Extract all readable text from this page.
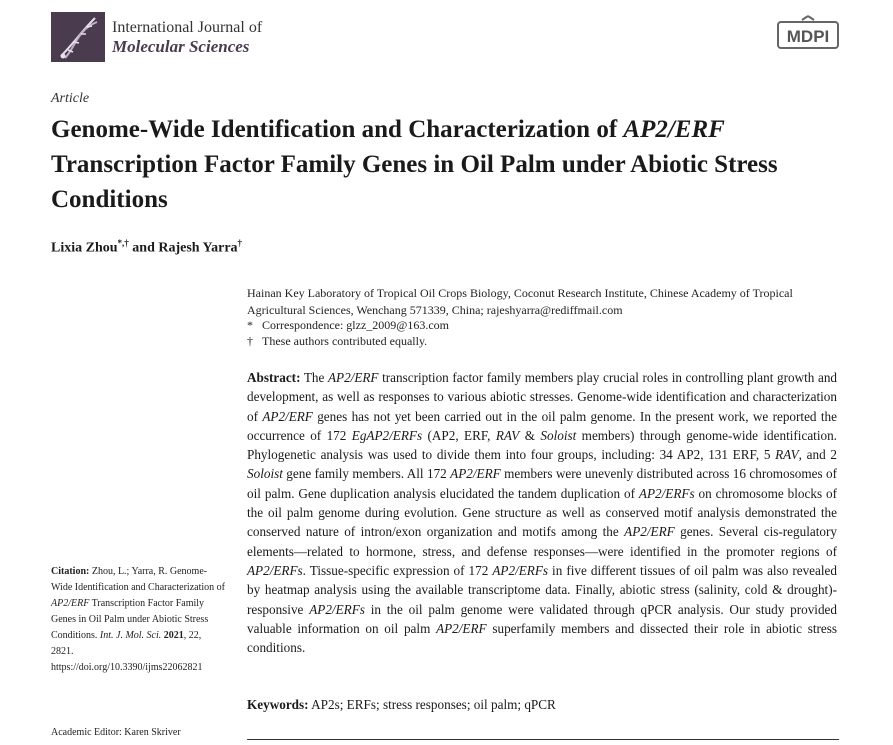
International Journal of
Molecular Sciences
MDPI
Article
Genome-Wide Identification and Characterization of AP2/ERF Transcription Factor Family Genes in Oil Palm under Abiotic Stress Conditions
Lixia Zhou*,† and Rajesh Yarra†
Hainan Key Laboratory of Tropical Oil Crops Biology, Coconut Research Institute, Chinese Academy of Tropical Agricultural Sciences, Wenchang 571339, China; rajeshyarra@rediffmail.com
* Correspondence: glzz_2009@163.com
† These authors contributed equally.

Abstract: The AP2/ERF transcription factor family members play crucial roles in controlling plant growth and development, as well as responses to various abiotic stresses. Genome-wide identification and characterization of AP2/ERF genes has not yet been carried out in the oil palm genome. In the present work, we reported the occurrence of 172 EgAP2/ERFs (AP2, ERF, RAV & Soloist members) through genome-wide identification. Phylogenetic analysis was used to divide them into four groups, including: 34 AP2, 131 ERF, 5 RAV, and 2 Soloist gene family members. All 172 AP2/ERF members were unevenly distributed across 16 chromosomes of oil palm. Gene duplication analysis elucidated the tandem duplication of AP2/ERFs on chromosome blocks of the oil palm genome during evolution. Gene structure as well as conserved motif analysis demonstrated the conserved nature of intron/exon organization and motifs among the AP2/ERF genes. Several cis-regulatory elements—related to hormone, stress, and defense responses—were identified in the promoter regions of AP2/ERFs. Tissue-specific expression of 172 AP2/ERFs in five different tissues of oil palm was also revealed by heatmap analysis using the available transcriptome data. Finally, abiotic stress (salinity, cold & drought)-responsive AP2/ERFs in the oil palm genome were validated through qPCR analysis. Our study provided valuable information on oil palm AP2/ERF superfamily members and dissected their role in abiotic stress conditions.

Keywords: AP2s; ERFs; stress responses; oil palm; qPCR
Citation: Zhou, L.; Yarra, R. Genome-Wide Identification and Characterization of AP2/ERF Transcription Factor Family Genes in Oil Palm under Abiotic Stress Conditions. Int. J. Mol. Sci. 2021, 22, 2821. https://doi.org/10.3390/ijms22062821
Academic Editor: Karen Skriver
